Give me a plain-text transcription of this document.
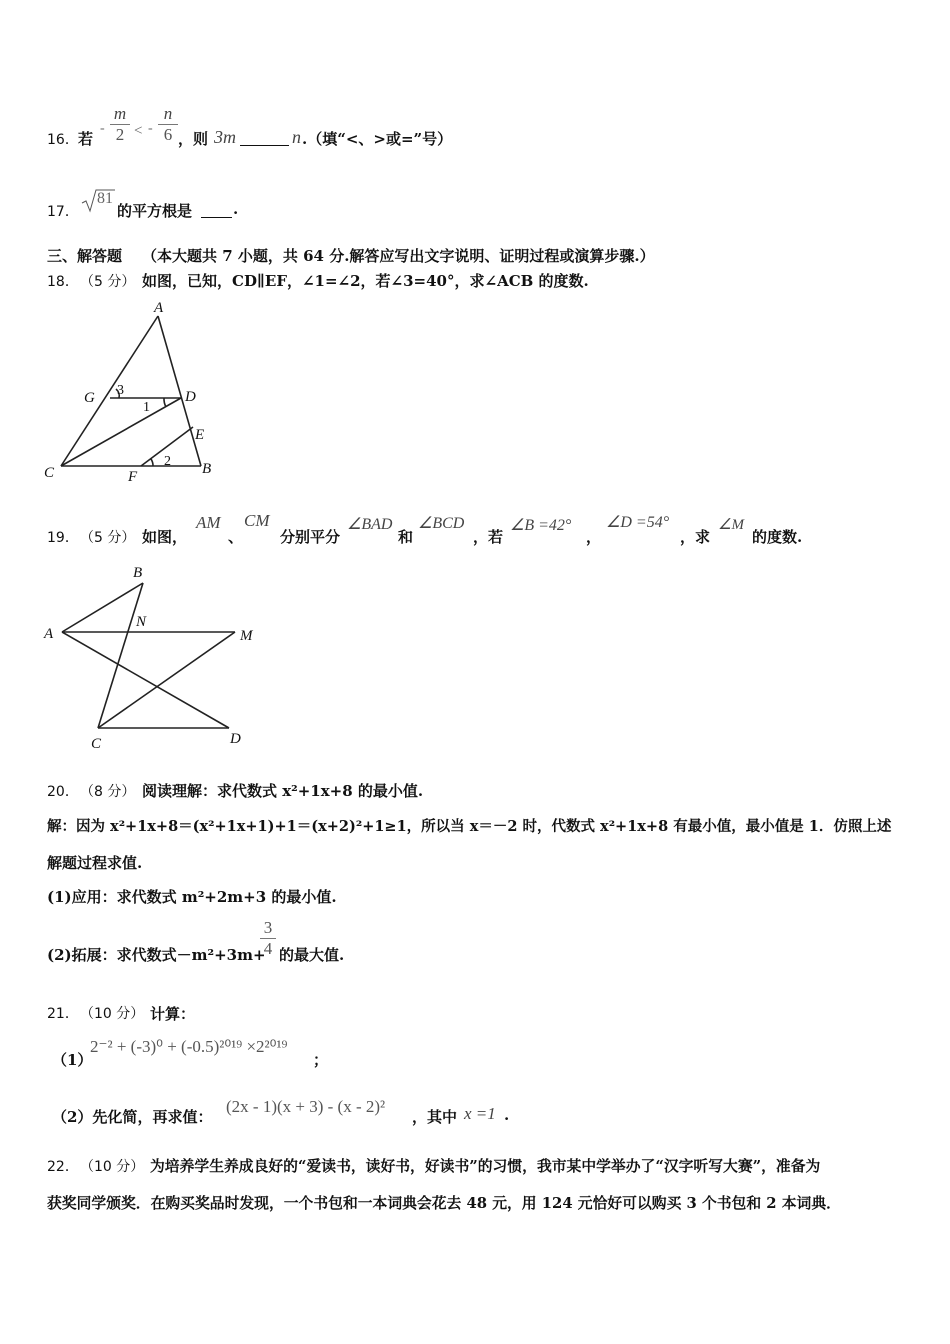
16． 若
-
m
2 < -
n
6 ，则 3m	n .（填“<、>或=”号）
17．
81
的平方根是	.
三、解答题 （本大题共 7 小题，共 64 分.解答应写出文字说明、证明过程或演算步骤.）
18． （5 分） 如图，已知，CD∥EF，∠1=∠2，若∠3=40°，求∠ACB 的度数.
A
G	D
E
C	F	B
1
2
3
19． （5 分） 如图，
AM
、
CM
分别平分
∠BAD
和
∠BCD
，若
∠B =42°
，
∠D =54°
，求
∠M
的度数.
B
N
A	M
C	D
20． （8 分） 阅读理解：求代数式 x²+1x+8 的最小值.
解：因为 x²+1x+8＝(x²+1x+1)+1＝(x+2)²+1≥1，所以当 x＝－2 时，代数式 x²+1x+8 有最小值，最小值是 1．仿照上述
解题过程求值.
(1)应用：求代数式 m²+2m+3 的最小值.
(2)拓展：求代数式－m²+3m+
3
4 的最大值.
21． （10 分） 计算：
（1）
2⁻² + (-3)⁰ + (-0.5)²⁰¹⁹ ×2²⁰¹⁹
；
（2）先化简，再求值：
(2x - 1)(x + 3) - (x - 2)²
，其中 x =1 .
22． （10 分） 为培养学生养成良好的“爱读书，读好书，好读书”的习惯，我市某中学举办了“汉字听写大赛”，准备为
获奖同学颁奖．在购买奖品时发现，一个书包和一本词典会花去 48 元，用 124 元恰好可以购买 3 个书包和 2 本词典．
